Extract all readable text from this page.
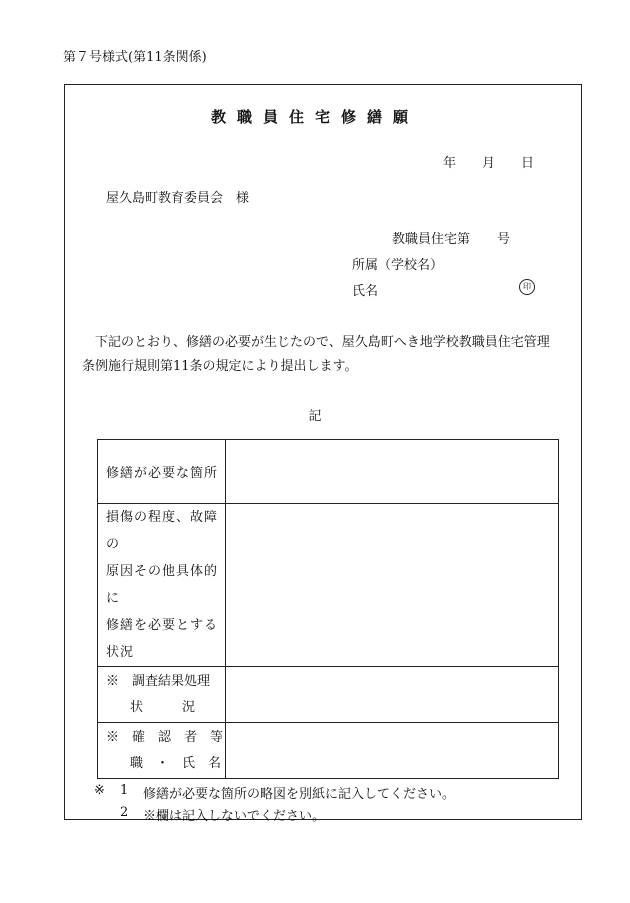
第７号様式(第11条関係)
教職員住宅修繕願
年 月 日
屋久島町教育委員会　様
教職員住宅第 号
所属（学校名）
氏名	印
下記のとおり、修繕の必要が生じたので、屋久島町へき地学校教職員住宅管理条例施行規則第11条の規定により提出します。
記
修繕が必要な箇所	

損傷の程度、故障の
原因その他具体的に
修繕を必要とする
状況	

※　調査結果処理
状　　　況	

※　確　認　者　等
職　・　氏　名	

※ 1 修繕が必要な箇所の略図を別紙に記入してください。
2 ※欄は記入しないでください。
